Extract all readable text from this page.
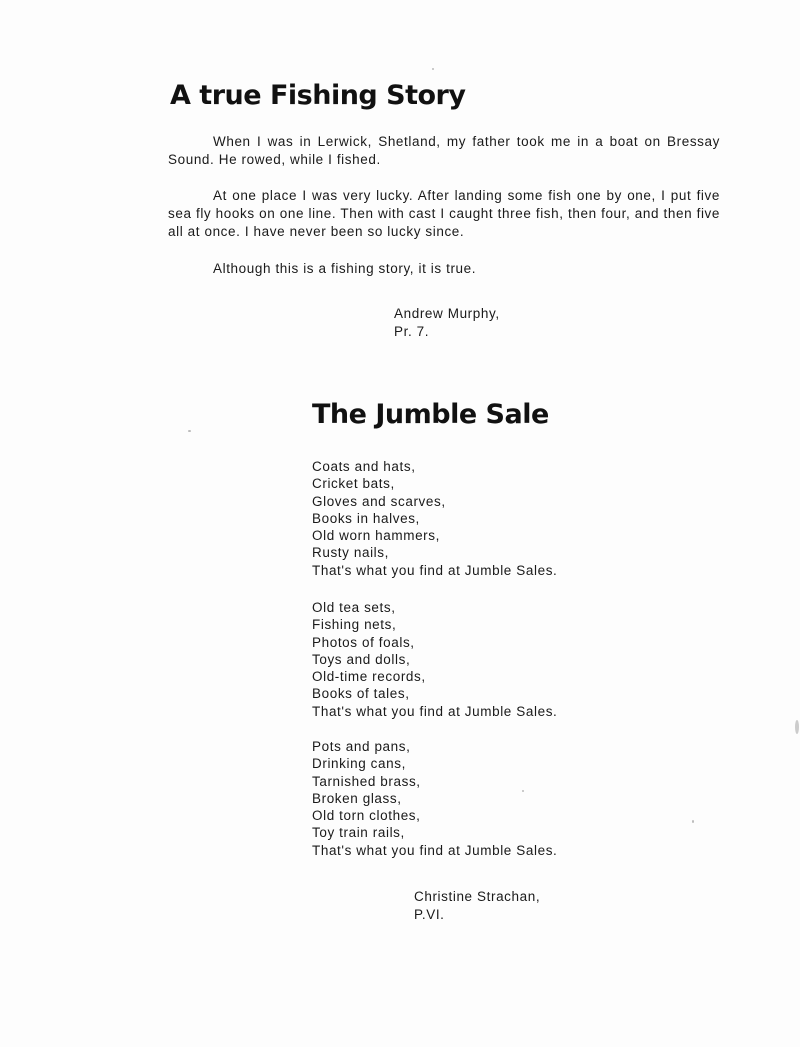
A true Fishing Story

When I was in Lerwick, Shetland, my father took me in a boat on Bressay Sound. He rowed, while I fished.

At one place I was very lucky. After landing some fish one by one, I put five sea fly hooks on one line. Then with cast I caught three fish, then four, and then five all at once. I have never been so lucky since.

Although this is a fishing story, it is true.

Andrew Murphy,
Pr. 7.
The Jumble Sale
Coats and hats,
Cricket bats,
Gloves and scarves,
Books in halves,
Old worn hammers,
Rusty nails,
That's what you find at Jumble Sales.
Old tea sets,
Fishing nets,
Photos of foals,
Toys and dolls,
Old-time records,
Books of tales,
That's what you find at Jumble Sales.
Pots and pans,
Drinking cans,
Tarnished brass,
Broken glass,
Old torn clothes,
Toy train rails,
That's what you find at Jumble Sales.
Christine Strachan,
P.VI.
